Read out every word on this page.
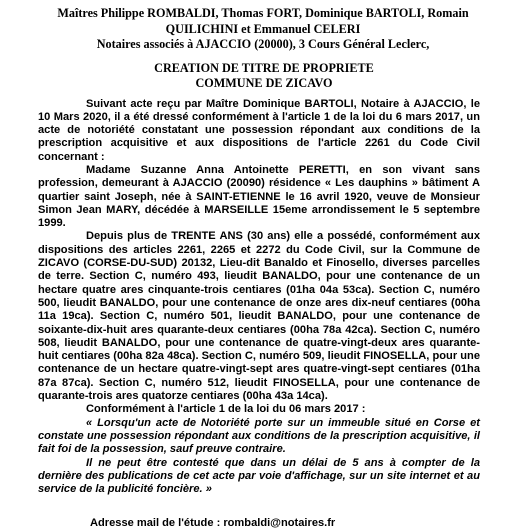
Maîtres Philippe ROMBALDI, Thomas FORT, Dominique BARTOLI, Romain
QUILICHINI et Emmanuel CELERI
Notaires associés à AJACCIO (20000), 3 Cours Général Leclerc,
CREATION DE TITRE DE PROPRIETE
COMMUNE DE ZICAVO

Suivant acte reçu par Maître Dominique BARTOLI, Notaire à AJACCIO, le 10 Mars 2020, il a été dressé conformément à l'article 1 de la loi du 6 mars 2017, un acte de notoriété constatant une possession répondant aux conditions de la prescription acquisitive et aux dispositions de l'article 2261 du Code Civil concernant :

Madame Suzanne Anna Antoinette PERETTI, en son vivant sans profession, demeurant à AJACCIO (20090) résidence « Les dauphins » bâtiment A quartier saint Joseph, née à SAINT-ETIENNE le 16 avril 1920, veuve de Monsieur Simon Jean MARY, décédée à MARSEILLE 15eme arrondissement le 5 septembre 1999.

Depuis plus de TRENTE ANS (30 ans) elle a possédé, conformément aux dispositions des articles 2261, 2265 et 2272 du Code Civil, sur la Commune de ZICAVO (CORSE-DU-SUD) 20132, Lieu-dit Banaldo et Finosello, diverses parcelles de terre. Section C, numéro 493, lieudit BANALDO, pour une contenance de un hectare quatre ares cinquante-trois centiares (01ha 04a 53ca). Section C, numéro 500, lieudit BANALDO, pour une contenance de onze ares dix-neuf centiares (00ha 11a 19ca). Section C, numéro 501, lieudit BANALDO, pour une contenance de soixante-dix-huit ares quarante-deux centiares (00ha 78a 42ca). Section C, numéro 508, lieudit BANALDO, pour une contenance de quatre-vingt-deux ares quarante-huit centiares (00ha 82a 48ca). Section C, numéro 509, lieudit FINOSELLA, pour une contenance de un hectare quatre-vingt-sept ares quatre-vingt-sept centiares (01ha 87a 87ca). Section C, numéro 512, lieudit FINOSELLA, pour une contenance de quarante-trois ares quatorze centiares (00ha 43a 14ca).

Conformément à l'article 1 de la loi du 06 mars 2017 :

« Lorsqu'un acte de Notoriété porte sur un immeuble situé en Corse et constate une possession répondant aux conditions de la prescription acquisitive, il fait foi de la possession, sauf preuve contraire.

Il ne peut être contesté que dans un délai de 5 ans à compter de la dernière des publications de cet acte par voie d'affichage, sur un site internet et au service de la publicité foncière. »

Adresse mail de l'étude : rombaldi@notaires.fr
